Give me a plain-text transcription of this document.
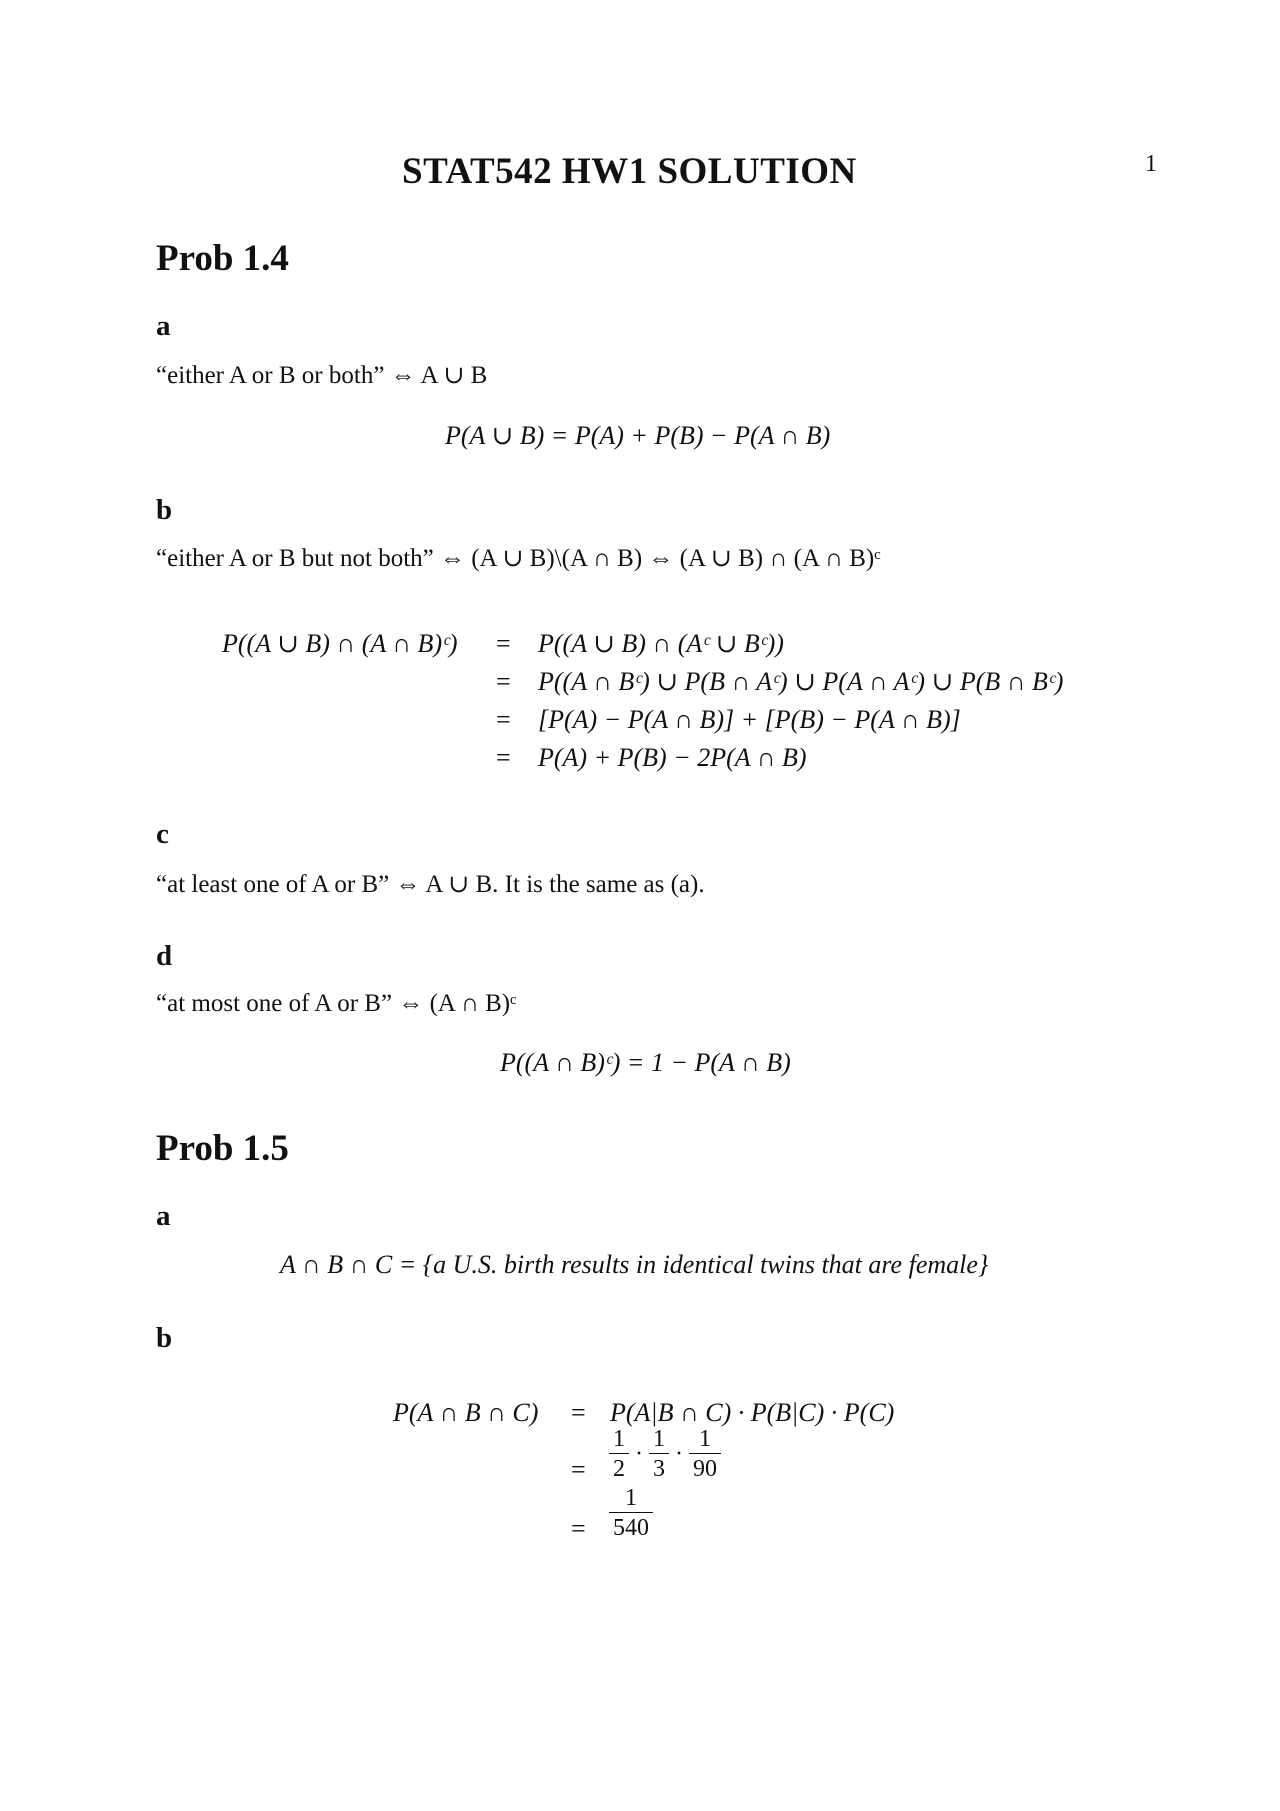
STAT542 HW1 SOLUTION	1
Prob 1.4
a
“either A or B or both” ⇔ A ∪ B
P(A ∪ B) = P(A) + P(B) − P(A ∩ B)
b
“either A or B but not both” ⇔ (A ∪ B)\(A ∩ B) ⇔ (A ∪ B) ∩ (A ∩ B)ᶜ
P((A ∪ B) ∩ (A ∩ B)ᶜ) =
=
=
=
P((A ∪ B) ∩ (Aᶜ ∪ Bᶜ))
P((A ∩ Bᶜ) ∪ P(B ∩ Aᶜ) ∪ P(A ∩ Aᶜ) ∪ P(B ∩ Bᶜ)
[P(A) − P(A ∩ B)] + [P(B) − P(A ∩ B)]
P(A) + P(B) − 2P(A ∩ B)
c
“at least one of A or B” ⇔ A ∪ B. It is the same as (a).
d
“at most one of A or B” ⇔ (A ∩ B)ᶜ
P((A ∩ B)ᶜ) = 1 − P(A ∩ B)
Prob 1.5
a
A ∩ B ∩ C = {a U.S. birth results in identical twins that are female}
b
P(A ∩ B ∩ C) = P(A|B ∩ C) · P(B|C) · P(C)
= $\frac{1}{2} \cdot \frac{1}{3} \cdot \frac{1}{90}$
= $\frac{1}{540}$
